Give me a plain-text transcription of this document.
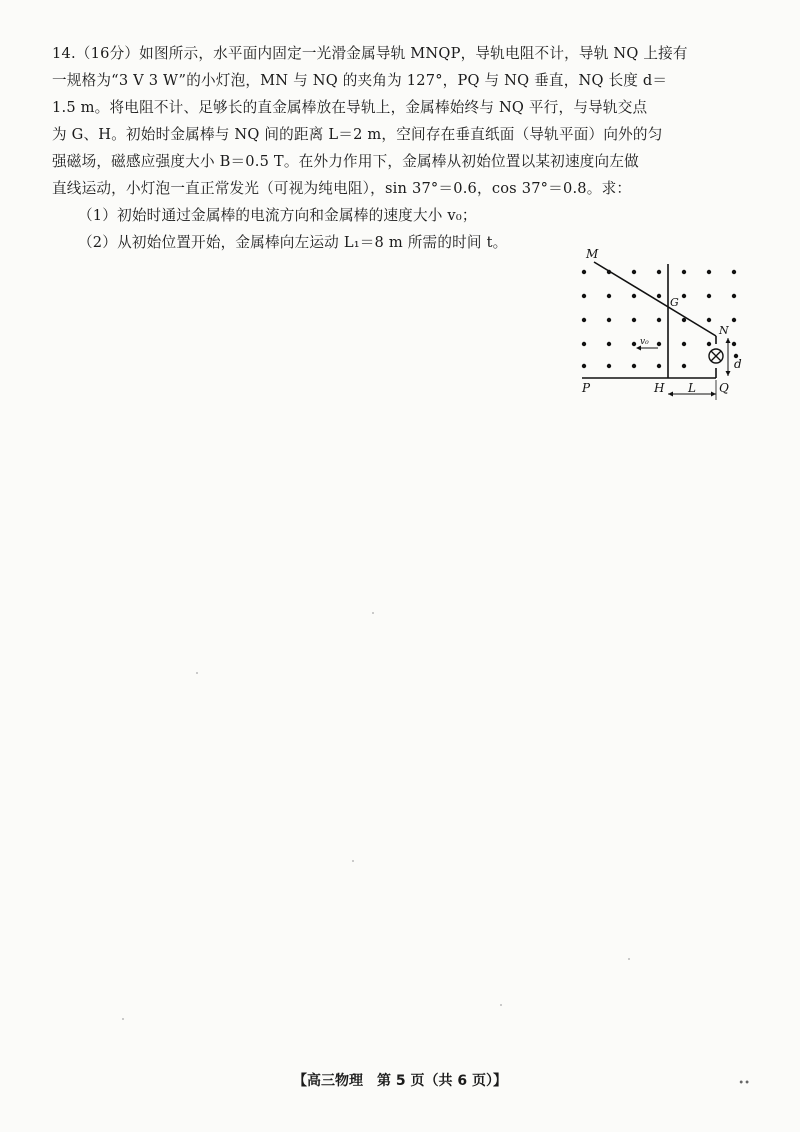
14.（16分）如图所示，水平面内固定一光滑金属导轨 MNQP，导轨电阻不计，导轨 NQ 上接有
一规格为“3 V 3 W”的小灯泡，MN 与 NQ 的夹角为 127°，PQ 与 NQ 垂直，NQ 长度 d＝
1.5 m。将电阻不计、足够长的直金属棒放在导轨上，金属棒始终与 NQ 平行，与导轨交点
为 G、H。初始时金属棒与 NQ 间的距离 L＝2 m，空间存在垂直纸面（导轨平面）向外的匀
强磁场，磁感应强度大小 B＝0.5 T。在外力作用下，金属棒从初始位置以某初速度向左做
直线运动，小灯泡一直正常发光（可视为纯电阻），sin 37°＝0.6，cos 37°＝0.8。求：
（1）初始时通过金属棒的电流方向和金属棒的速度大小 v₀；
（2）从初始位置开始，金属棒向左运动 L₁＝8 m 所需的时间 t。
M
G
N
P	H	Q
L
d
v₀
【高三物理　第 5 页（共 6 页）】	••
